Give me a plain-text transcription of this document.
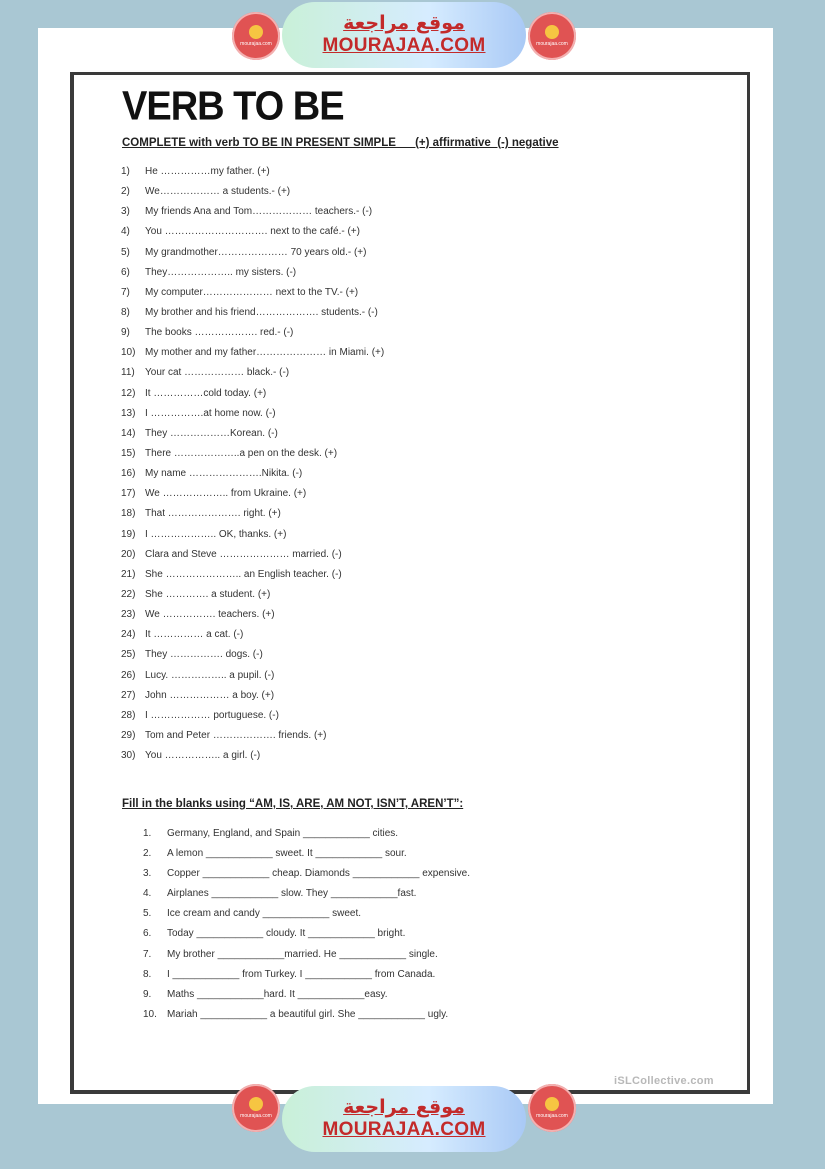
mourajaa.com
موقع مراجعة
MOURAJAA.COM	mourajaa.com
VERB TO BE
COMPLETE with verb TO BE IN PRESENT SIMPLE      (+) affirmative  (-) negative
1) He ……………my father. (+)
2) We……………… a students.- (+)
3) My friends Ana and Tom……………… teachers.- (-)
4) You …………………………. next to the café.- (+)
5) My grandmother………………… 70 years old.- (+)
6) They……………….. my sisters. (-)
7) My computer………………… next to the TV.- (+)
8) My brother and his friend………………. students.- (-)
9) The books ………………. red.- (-)
10) My mother and my father………………… in Miami. (+)
11) Your cat ……………… black.- (-)
12) It ……………cold today. (+)
13) I …………….at home now. (-)
14) They ………………Korean. (-)
15) There ………………..a pen on the desk. (+)
16) My name ………………….Nikita. (-)
17) We ……………….. from Ukraine. (+)
18) That …………………. right. (+)
19) I ……………….. OK, thanks. (+)
20) Clara and Steve ………………… married. (-)
21) She ………………….. an English teacher. (-)
22) She …………. a student. (+)
23) We ……………. teachers. (+)
24) It …………… a cat. (-)
25) They ……………. dogs. (-)
26) Lucy. …………….. a pupil. (-)
27) John ……………… a boy. (+)
28) I ……………… portuguese. (-)
29) Tom and Peter ………………. friends. (+)
30) You …………….. a girl. (-)
Fill in the blanks using “AM, IS, ARE, AM NOT, ISN’T, AREN’T”:
1. Germany, England, and Spain ____________ cities.
2. A lemon ____________ sweet. It ____________ sour.
3. Copper ____________ cheap. Diamonds ____________ expensive.
4. Airplanes ____________ slow. They ____________fast.
5. Ice cream and candy ____________ sweet.
6. Today ____________ cloudy. It ____________ bright.
7. My brother ____________married. He ____________ single.
8. I ____________ from Turkey. I ____________ from Canada.
9. Maths ____________hard. It ____________easy.
10. Mariah ____________ a beautiful girl. She ____________ ugly.
iSLCollective.com
mourajaa.com	موقع مراجعة
MOURAJAA.COM
mourajaa.com
